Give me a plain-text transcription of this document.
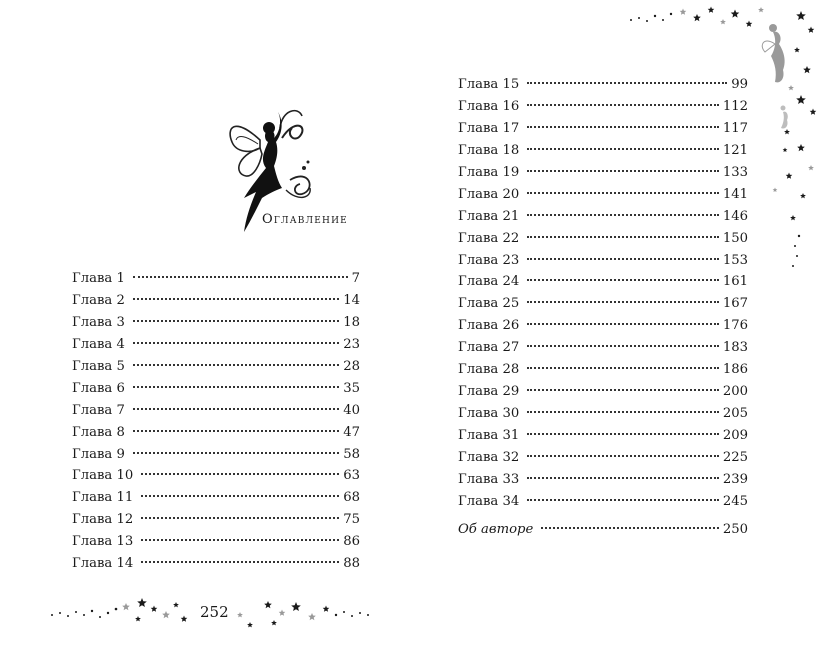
Оглавление
Глава 1	7
Глава 2	14
Глава 3	18
Глава 4	23
Глава 5	28
Глава 6	35
Глава 7	40
Глава 8	47
Глава 9	58
Глава 10	63
Глава 11	68
Глава 12	75
Глава 13	86
Глава 14	88
252
Глава 15	99
Глава 16	112
Глава 17	117
Глава 18	121
Глава 19	133
Глава 20	141
Глава 21	146
Глава 22	150
Глава 23	153
Глава 24	161
Глава 25	167
Глава 26	176
Глава 27	183
Глава 28	186
Глава 29	200
Глава 30	205
Глава 31	209
Глава 32	225
Глава 33	239
Глава 34	245
Об авторе	250
